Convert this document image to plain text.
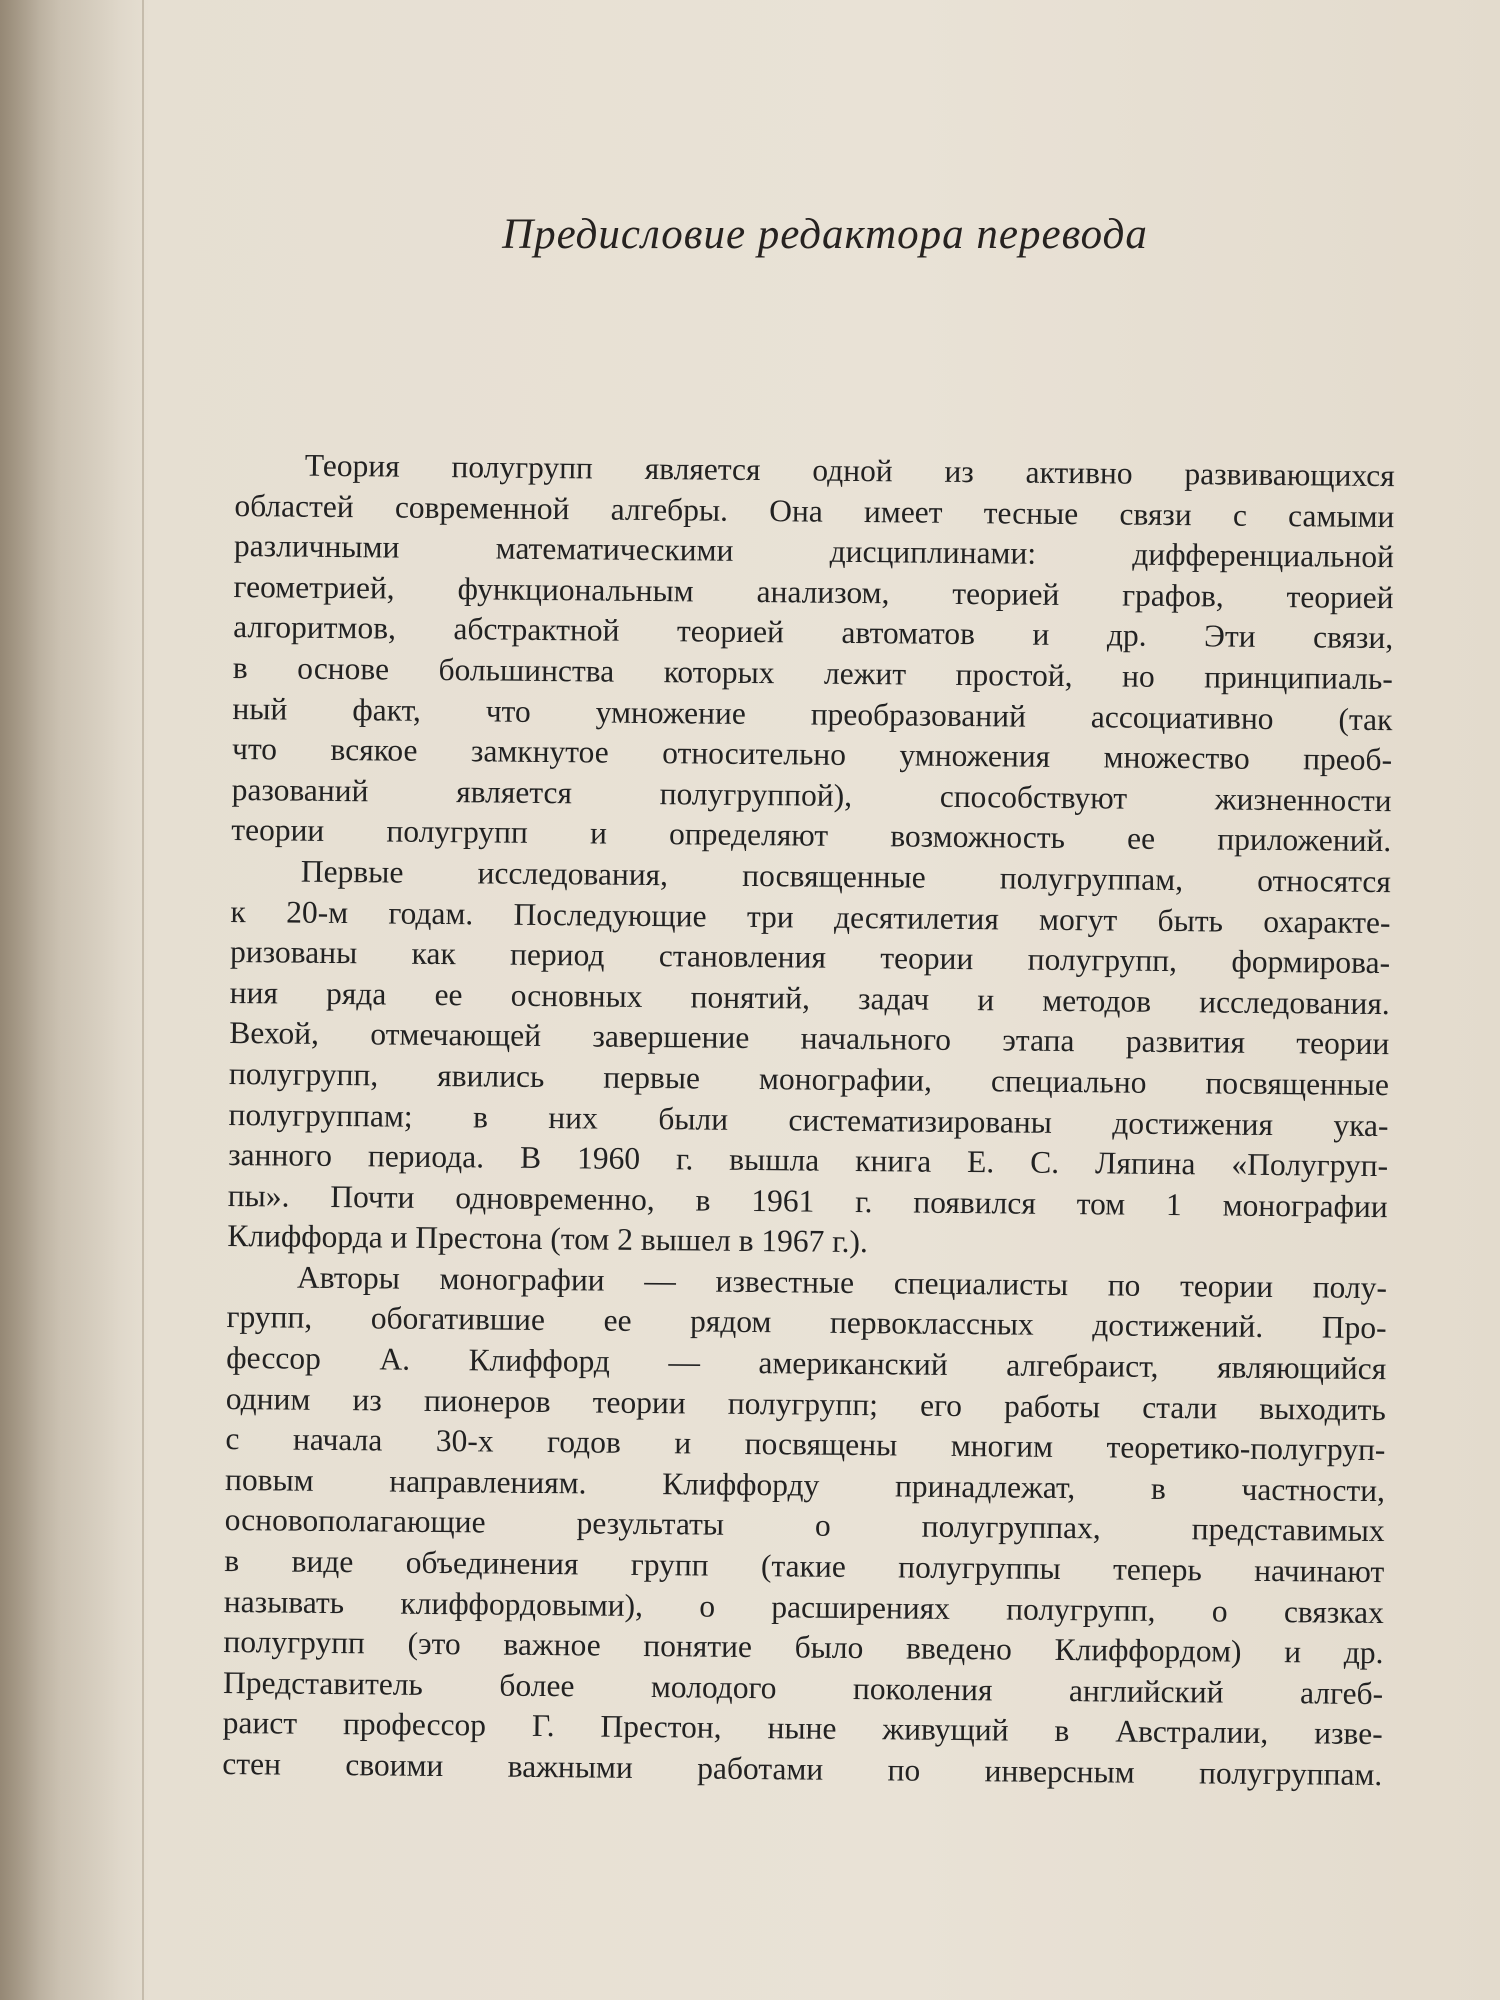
Предисловие редактора перевода
Теория полугрупп является одной из активно развивающихся
областей современной алгебры. Она имеет тесные связи с самыми
различными математическими дисциплинами: дифференциальной
геометрией, функциональным анализом, теорией графов, теорией
алгоритмов, абстрактной теорией автоматов и др. Эти связи,
в основе большинства которых лежит простой, но принципиаль-
ный факт, что умножение преобразований ассоциативно (так
что всякое замкнутое относительно умножения множество преоб-
разований является полугруппой), способствуют жизненности
теории полугрупп и определяют возможность ее приложений.
Первые исследования, посвященные полугруппам, относятся
к 20-м годам. Последующие три десятилетия могут быть охаракте-
ризованы как период становления теории полугрупп, формирова-
ния ряда ее основных понятий, задач и методов исследования.
Вехой, отмечающей завершение начального этапа развития теории
полугрупп, явились первые монографии, специально посвященные
полугруппам; в них были систематизированы достижения ука-
занного периода. В 1960 г. вышла книга Е. С. Ляпина «Полугруп-
пы». Почти одновременно, в 1961 г. появился том 1 монографии
Клиффорда и Престона (том 2 вышел в 1967 г.).
Авторы монографии — известные специалисты по теории полу-
групп, обогатившие ее рядом первоклассных достижений. Про-
фессор А. Клиффорд — американский алгебраист, являющийся
одним из пионеров теории полугрупп; его работы стали выходить
с начала 30-х годов и посвящены многим теоретико-полугруп-
повым направлениям. Клиффорду принадлежат, в частности,
основополагающие результаты о полугруппах, представимых
в виде объединения групп (такие полугруппы теперь начинают
называть клиффордовыми), о расширениях полугрупп, о связках
полугрупп (это важное понятие было введено Клиффордом) и др.
Представитель более молодого поколения английский алгеб-
раист профессор Г. Престон, ныне живущий в Австралии, изве-
стен своими важными работами по инверсным полугруппам.
